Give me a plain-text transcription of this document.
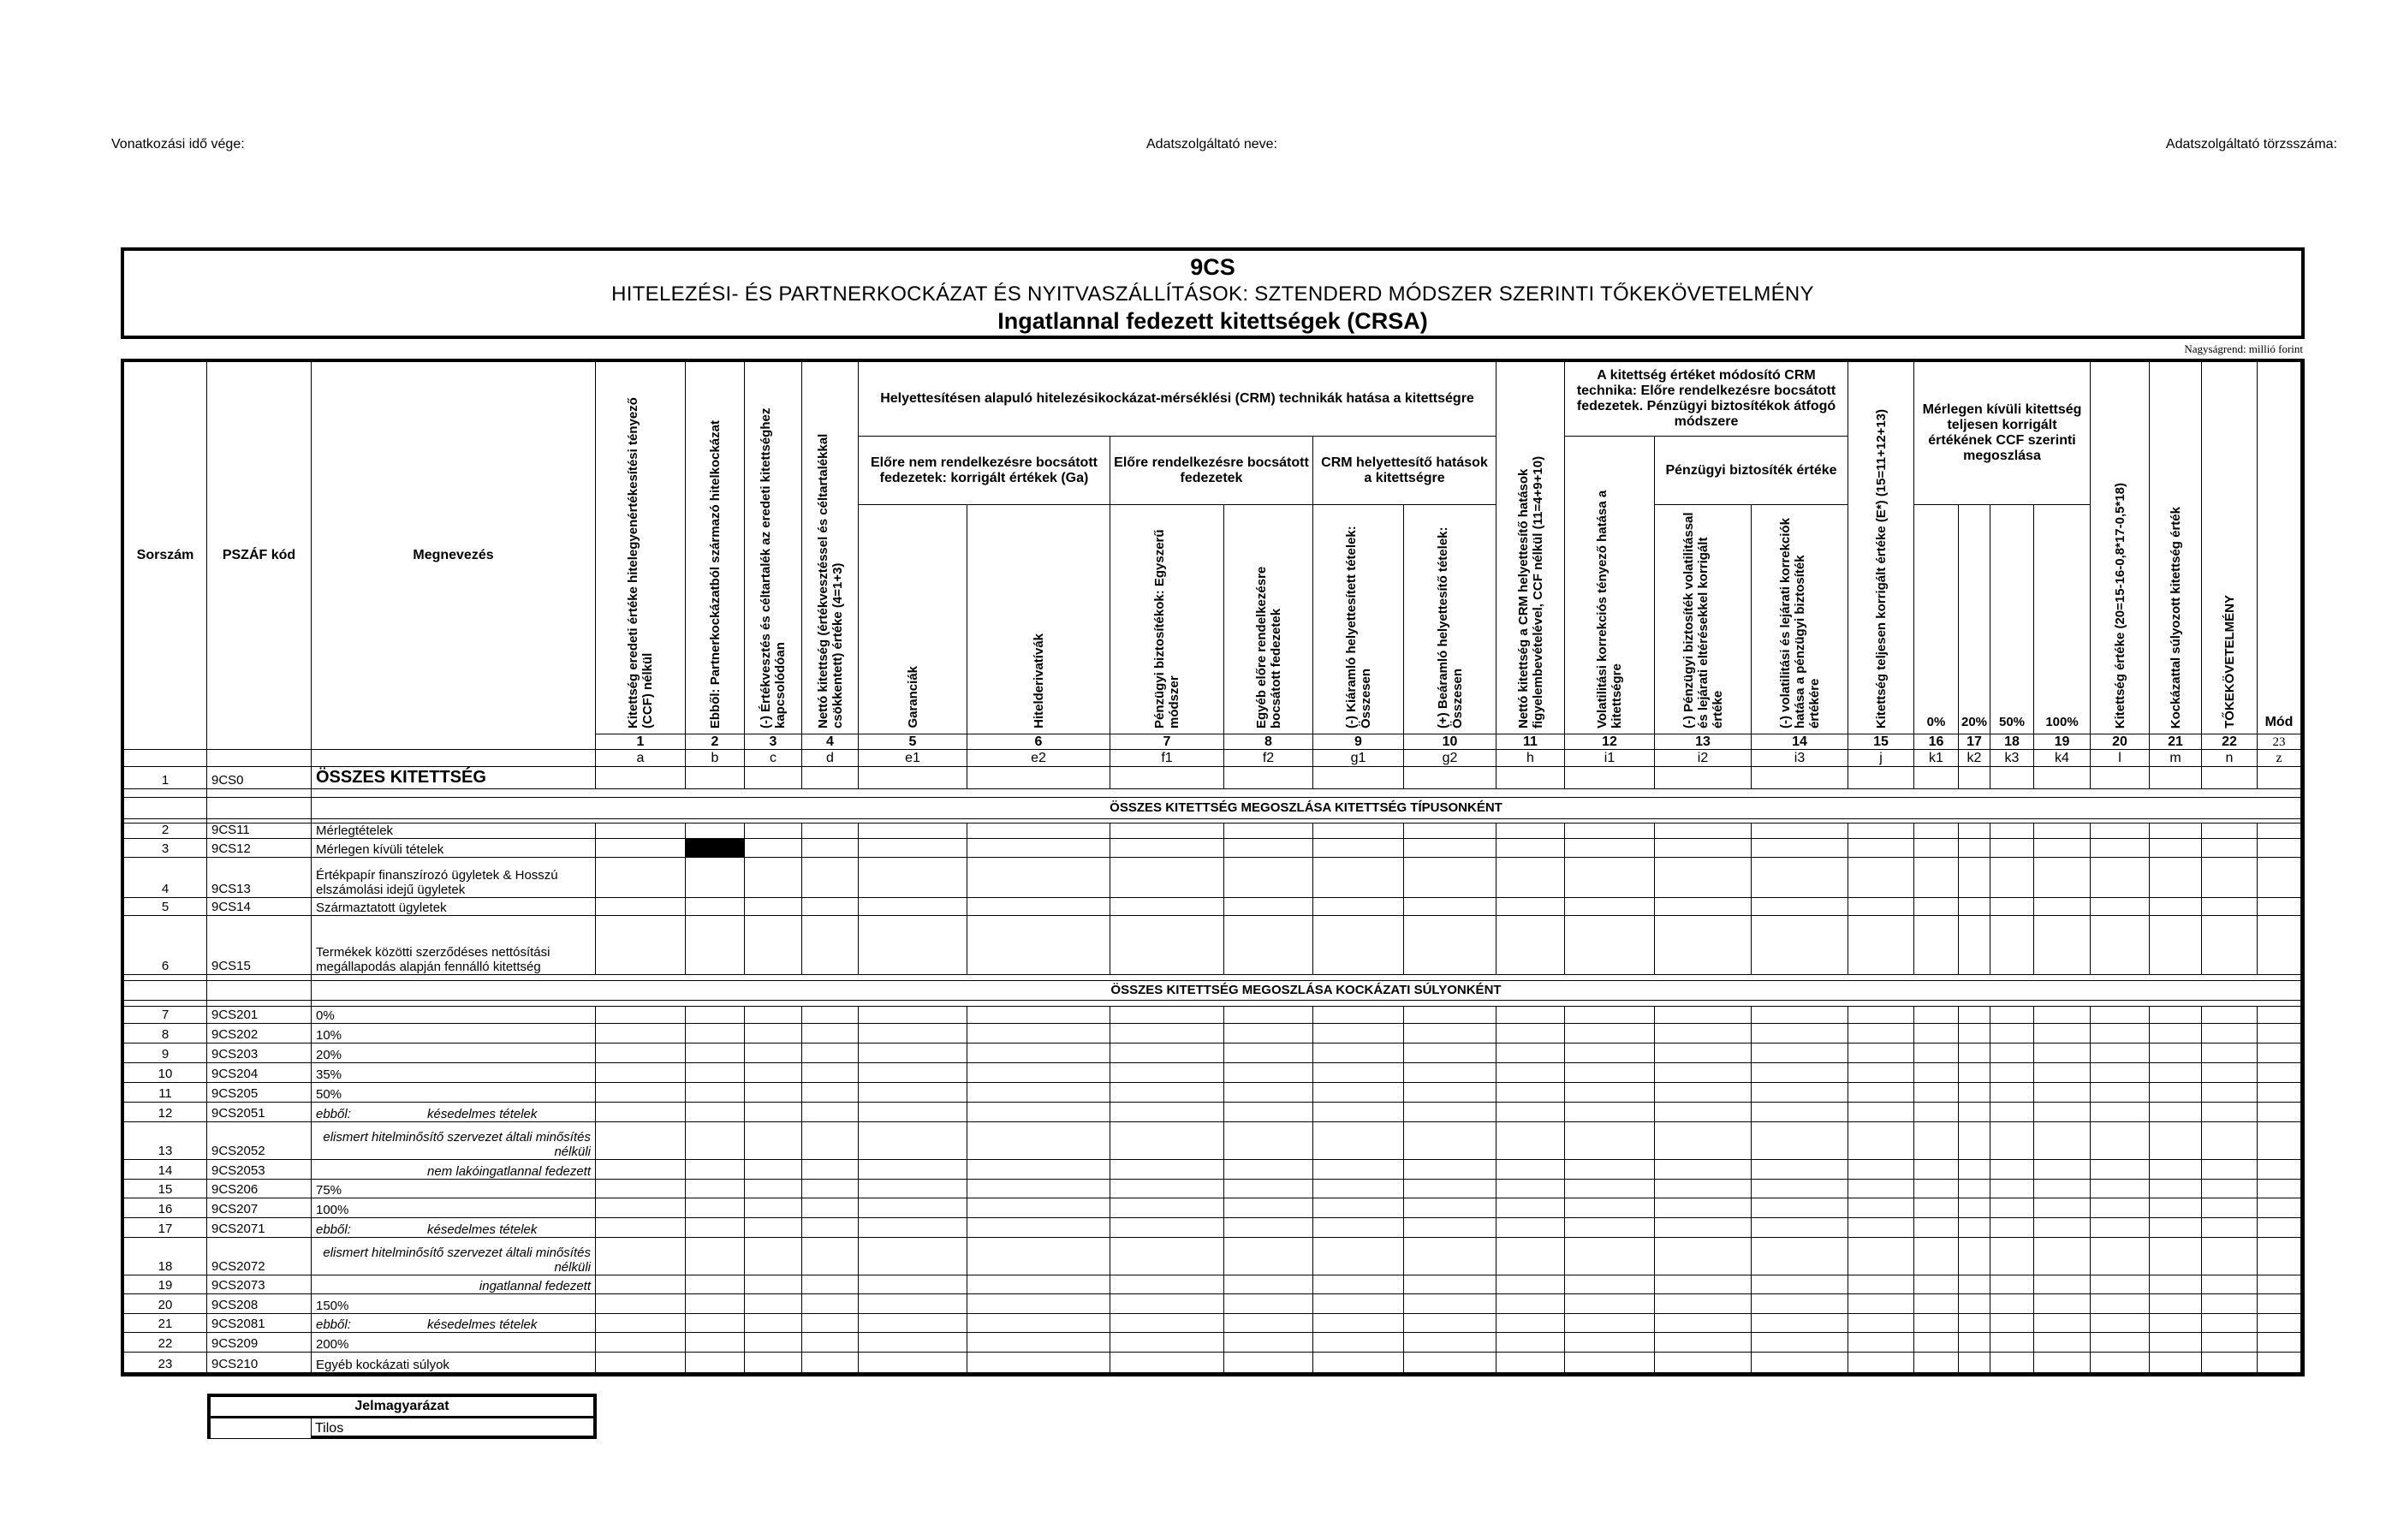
Vonatkozási idő vége:	Adatszolgáltató neve:	Adatszolgáltató törzsszáma:
9CS
HITELEZÉSI- ÉS PARTNERKOCKÁZAT ÉS NYITVASZÁLLÍTÁSOK: SZTENDERD MÓDSZER SZERINTI TŐKEKÖVETELMÉNY
Ingatlannal fedezett kitettségek (CRSA)
Nagyságrend: millió forint
Sorszám PSZÁF kód	Megnevezés
Helyettesítésen alapuló hitelezésikockázat-mérséklési (CRM) technikák hatása a kitettségre
Előre nem rendelkezésre bocsátott fedezetek: korrigált értékek (Ga)
Előre rendelkezésre bocsátott fedezetek
CRM helyettesítő hatások a kitettségre
A kitettség értéket módosító CRM technika: Előre rendelkezésre bocsátott fedezetek. Pénzügyi biztosítékok átfogó módszere
Pénzügyi biztosíték értéke
Mérlegen kívüli kitettség teljesen korrigált értékének CCF szerinti megoszlása
Kitettség eredeti értéke hitelegyenértékesítési tényező (CCF) nélkül
1
a
Ebből: Partnerkockázatból származó hitelkockázat
2
b
(-) Értékvesztés és céltartalék az eredeti kitettséghez kapcsolódóan
3
c
Nettó kitettség (értékvesztéssel és céltartalékkal csökkentett) értéke (4=1+3)
4
d
Garanciák
5
e1
Hitelderivatívák
6
e2
Pénzügyi biztosítékok: Egyszerű módszer
7
f1
Egyéb előre rendelkezésre bocsátott fedezetek
8
f2
(-) Kiáramló helyettesített tételek: Összesen
9
g1
(+) Beáramló helyettesítő tételek: Összesen
10
g2
Nettó kitettség a CRM helyettesítő hatások figyelembevételével, CCF nélkül (11=4+9+10)
11
h
Volatilitási korrekciós tényező hatása a kitettségre
12
i1
(-) Pénzügyi biztosíték volatilitással és lejárati eltérésekkel korrigált értéke
13
i2
(-) volatilitási és lejárati korrekciók hatása a pénzügyi biztosíték értékére
14
i3
Kitettség teljesen korrigált értéke (E*) (15=11+12+13)
15
j
0%
16
k1
20%
17
k2
50%
18
k3
100%
19
k4
Kitettség értéke (20=15-16-0,8*17-0,5*18)
20
l
Kockázattal súlyozott kitettség érték
21
m
TŐKEKÖVETELMÉNY
22
n
Mód
23
z
1	9CS0	ÖSSZES KITETTSÉG
ÖSSZES KITETTSÉG MEGOSZLÁSA KITETTSÉG TÍPUSONKÉNT
2	9CS11	Mérlegtételek
3	9CS12	Mérlegen kívüli tételek
4	9CS13
Értékpapír finanszírozó ügyletek & Hosszú elszámolási idejű ügyletek
5	9CS14	Származtatott ügyletek
6	9CS15
Termékek közötti szerződéses nettósítási megállapodás alapján fennálló kitettség
ÖSSZES KITETTSÉG MEGOSZLÁSA KOCKÁZATI SÚLYONKÉNT
7	9CS201	0%
8	9CS202	10%
9	9CS203	20%
10	9CS204	35%
11	9CS205	50%
12	9CS2051	ebből:	késedelmes tételek
13	9CS2052
elismert hitelminősítő szervezet általi minősítés nélküli
14	9CS2053	nem lakóingatlannal fedezett
15	9CS206	75%
16	9CS207	100%
17	9CS2071	ebből:	késedelmes tételek
18	9CS2072
elismert hitelminősítő szervezet általi minősítés nélküli
19	9CS2073	ingatlannal fedezett
20	9CS208	150%
21	9CS2081	ebből:	késedelmes tételek
22	9CS209	200%
23	9CS210	Egyéb kockázati súlyok
Jelmagyarázat
Tilos
